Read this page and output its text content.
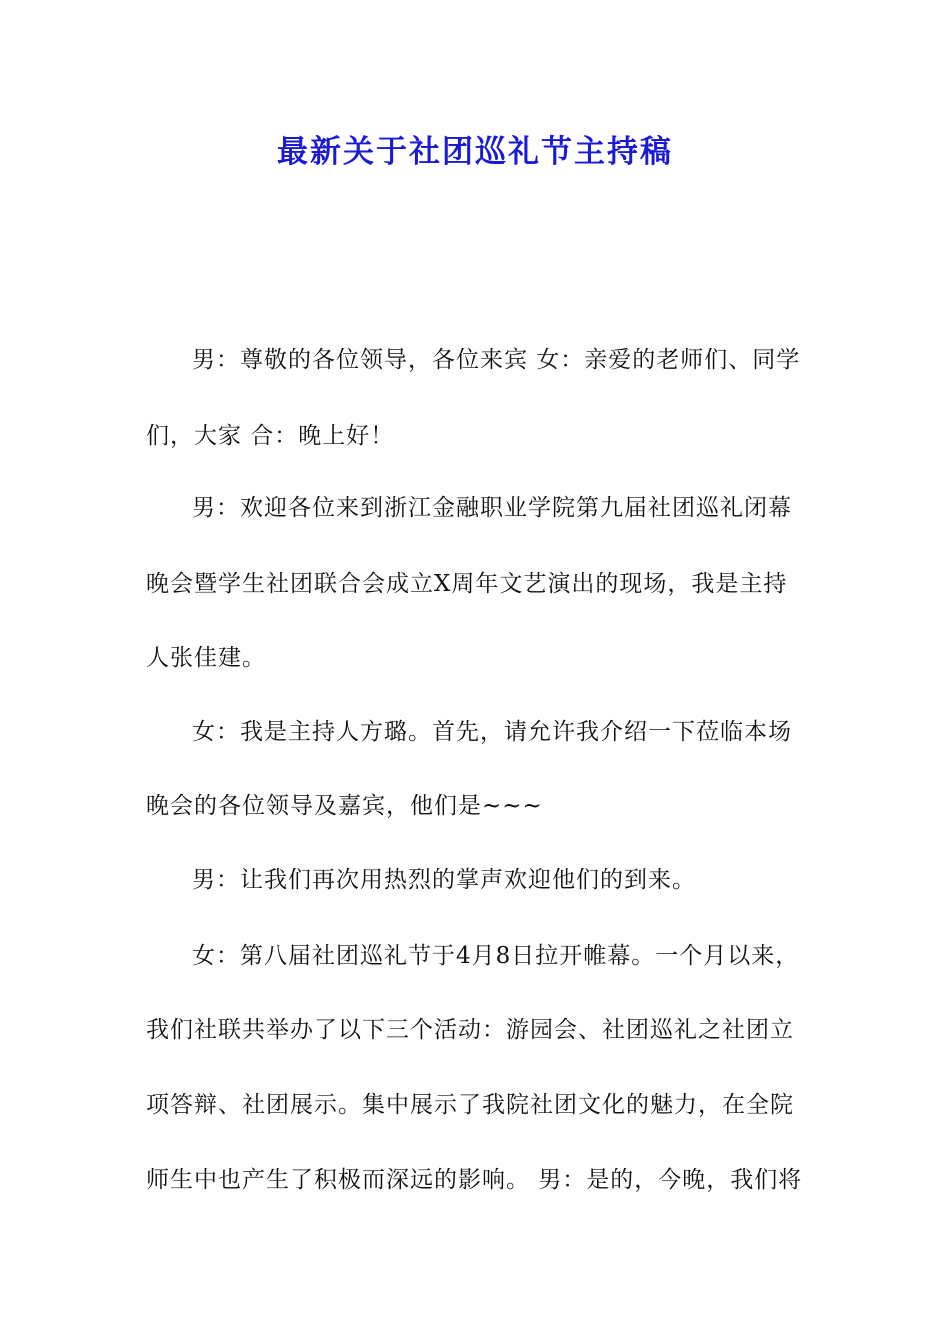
最新关于社团巡礼节主持稿
男：尊敬的各位领导，各位来宾 女：亲爱的老师们、同学
们，大家 合：晚上好！
男：欢迎各位来到浙江金融职业学院第九届社团巡礼闭幕
晚会暨学生社团联合会成立X周年文艺演出的现场，我是主持
人张佳建。
女：我是主持人方璐。首先，请允许我介绍一下莅临本场
晚会的各位领导及嘉宾，他们是~~~
男：让我们再次用热烈的掌声欢迎他们的到来。
女：第八届社团巡礼节于4月8日拉开帷幕。一个月以来，
我们社联共举办了以下三个活动：游园会、社团巡礼之社团立
项答辩、社团展示。集中展示了我院社团文化的魅力，在全院
师生中也产生了积极而深远的影响。 男：是的，今晚，我们将
